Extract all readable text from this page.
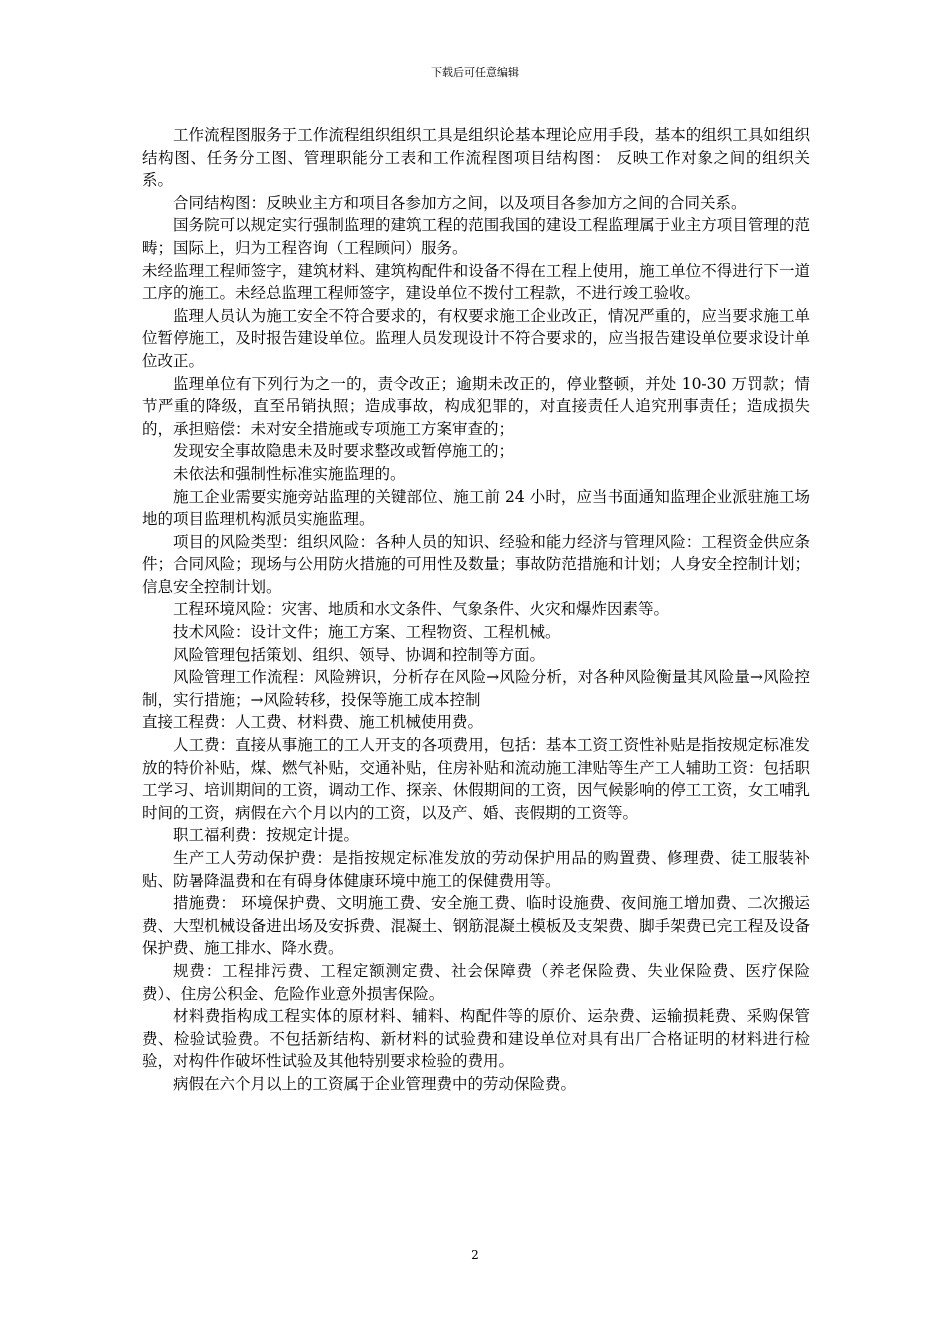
下载后可任意编辑

工作流程图服务于工作流程组织组织工具是组织论基本理论应用手段，基本的组织工具如组织结构图、任务分工图、管理职能分工表和工作流程图项目结构图： 反映工作对象之间的组织关系。

合同结构图：反映业主方和项目各参加方之间，以及项目各参加方之间的合同关系。

国务院可以规定实行强制监理的建筑工程的范围我国的建设工程监理属于业主方项目管理的范畴；国际上，归为工程咨询（工程顾问）服务。

未经监理工程师签字，建筑材料、建筑构配件和设备不得在工程上使用，施工单位不得进行下一道工序的施工。未经总监理工程师签字，建设单位不拨付工程款，不进行竣工验收。

监理人员认为施工安全不符合要求的，有权要求施工企业改正，情况严重的，应当要求施工单位暂停施工，及时报告建设单位。监理人员发现设计不符合要求的，应当报告建设单位要求设计单位改正。

监理单位有下列行为之一的，责令改正；逾期未改正的，停业整顿，并处 10-30 万罚款；情节严重的降级，直至吊销执照；造成事故，构成犯罪的，对直接责任人追究刑事责任；造成损失的，承担赔偿：未对安全措施或专项施工方案审查的；

发现安全事故隐患未及时要求整改或暂停施工的；

未依法和强制性标准实施监理的。

施工企业需要实施旁站监理的关键部位、施工前 24 小时，应当书面通知监理企业派驻施工场地的项目监理机构派员实施监理。

项目的风险类型：组织风险：各种人员的知识、经验和能力经济与管理风险：工程资金供应条件；合同风险；现场与公用防火措施的可用性及数量；事故防范措施和计划；人身安全控制计划；信息安全控制计划。

工程环境风险：灾害、地质和水文条件、气象条件、火灾和爆炸因素等。

技术风险：设计文件；施工方案、工程物资、工程机械。

风险管理包括策划、组织、领导、协调和控制等方面。

风险管理工作流程：风险辨识，分析存在风险→风险分析，对各种风险衡量其风险量→风险控制，实行措施；→风险转移，投保等施工成本控制

直接工程费：人工费、材料费、施工机械使用费。

人工费：直接从事施工的工人开支的各项费用，包括：基本工资工资性补贴是指按规定标准发放的特价补贴，煤、燃气补贴，交通补贴，住房补贴和流动施工津贴等生产工人辅助工资：包括职工学习、培训期间的工资，调动工作、探亲、休假期间的工资，因气候影响的停工工资，女工哺乳时间的工资，病假在六个月以内的工资，以及产、婚、丧假期的工资等。

职工福利费：按规定计提。

生产工人劳动保护费：是指按规定标准发放的劳动保护用品的购置费、修理费、徒工服装补贴、防暑降温费和在有碍身体健康环境中施工的保健费用等。

措施费： 环境保护费、文明施工费、安全施工费、临时设施费、夜间施工增加费、二次搬运费、大型机械设备进出场及安拆费、混凝土、钢筋混凝土模板及支架费、脚手架费已完工程及设备保护费、施工排水、降水费。

规费：工程排污费、工程定额测定费、社会保障费（养老保险费、失业保险费、医疗保险费）、住房公积金、危险作业意外损害保险。

材料费指构成工程实体的原材料、辅料、构配件等的原价、运杂费、运输损耗费、采购保管费、检验试验费。不包括新结构、新材料的试验费和建设单位对具有出厂合格证明的材料进行检验，对构件作破坏性试验及其他特别要求检验的费用。

病假在六个月以上的工资属于企业管理费中的劳动保险费。

2
